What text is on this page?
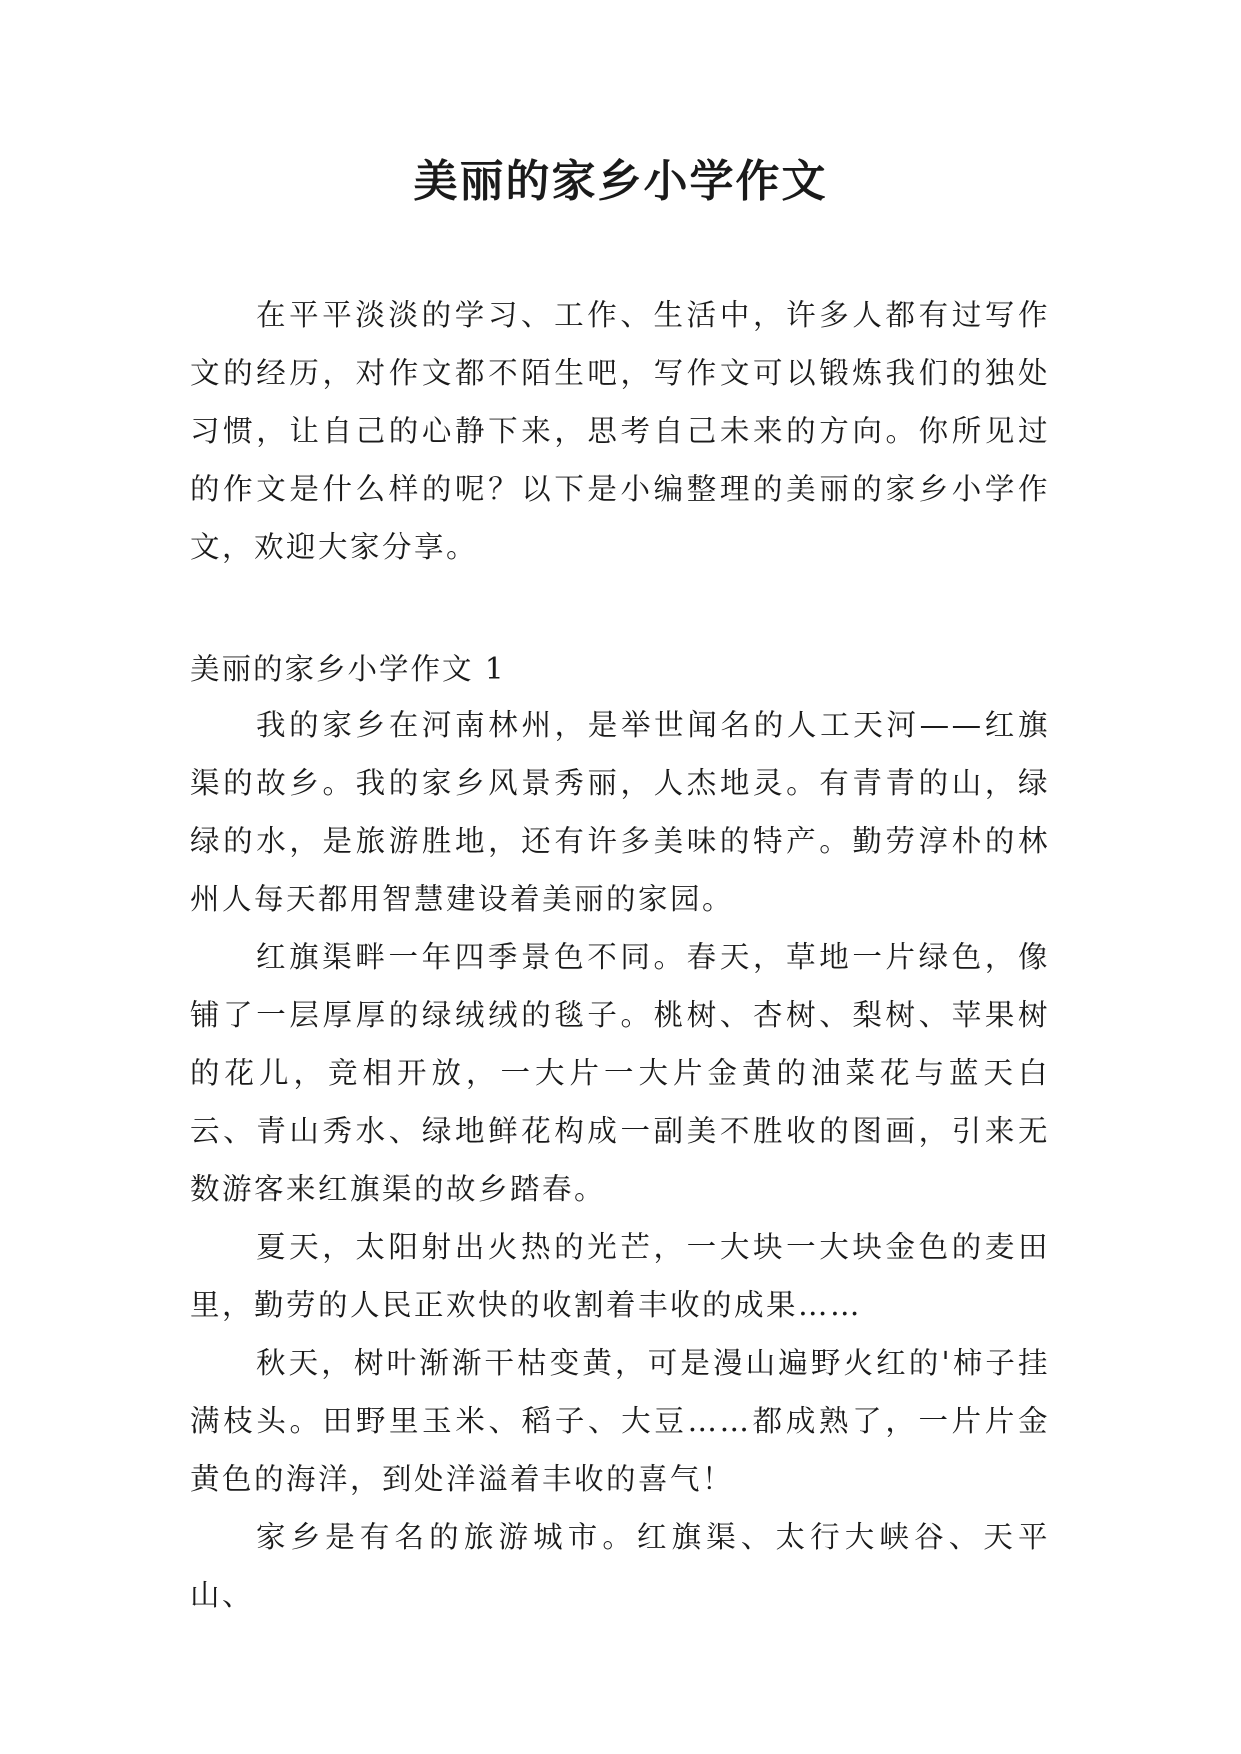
美丽的家乡小学作文

在平平淡淡的学习、工作、生活中，许多人都有过写作文的经历，对作文都不陌生吧，写作文可以锻炼我们的独处习惯，让自己的心静下来，思考自己未来的方向。你所见过的作文是什么样的呢？以下是小编整理的美丽的家乡小学作文，欢迎大家分享。

美丽的家乡小学作文 1

我的家乡在河南林州，是举世闻名的人工天河——红旗渠的故乡。我的家乡风景秀丽，人杰地灵。有青青的山，绿绿的水，是旅游胜地，还有许多美味的特产。勤劳淳朴的林州人每天都用智慧建设着美丽的家园。

红旗渠畔一年四季景色不同。春天，草地一片绿色，像铺了一层厚厚的绿绒绒的毯子。桃树、杏树、梨树、苹果树的花儿，竞相开放，一大片一大片金黄的油菜花与蓝天白云、青山秀水、绿地鲜花构成一副美不胜收的图画，引来无数游客来红旗渠的故乡踏春。

夏天，太阳射出火热的光芒，一大块一大块金色的麦田里，勤劳的人民正欢快的收割着丰收的成果……

秋天，树叶渐渐干枯变黄，可是漫山遍野火红的'柿子挂满枝头。田野里玉米、稻子、大豆……都成熟了，一片片金黄色的海洋，到处洋溢着丰收的喜气！

家乡是有名的旅游城市。红旗渠、太行大峡谷、天平山、
